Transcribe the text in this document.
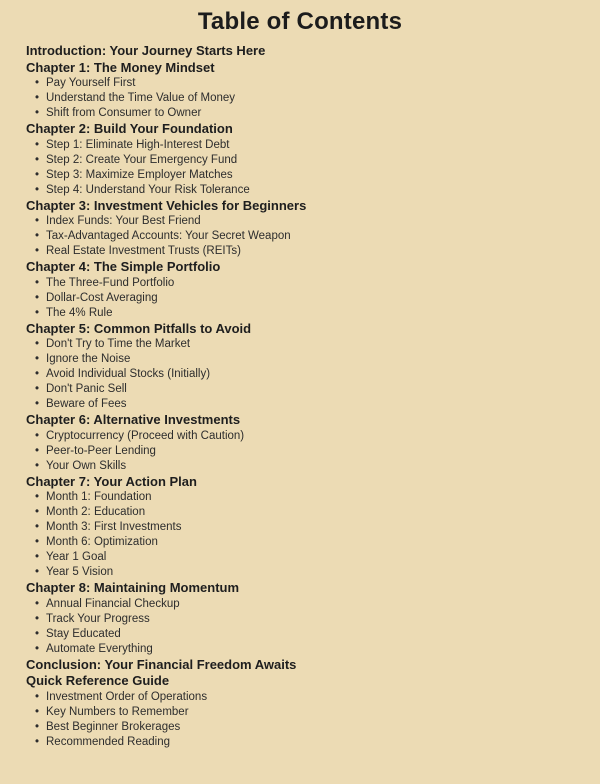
Table of Contents
Introduction: Your Journey Starts Here
Chapter 1: The Money Mindset
• Pay Yourself First
• Understand the Time Value of Money
• Shift from Consumer to Owner
Chapter 2: Build Your Foundation
• Step 1: Eliminate High-Interest Debt
• Step 2: Create Your Emergency Fund
• Step 3: Maximize Employer Matches
• Step 4: Understand Your Risk Tolerance
Chapter 3: Investment Vehicles for Beginners
• Index Funds: Your Best Friend
• Tax-Advantaged Accounts: Your Secret Weapon
• Real Estate Investment Trusts (REITs)
Chapter 4: The Simple Portfolio
• The Three-Fund Portfolio
• Dollar-Cost Averaging
• The 4% Rule
Chapter 5: Common Pitfalls to Avoid
• Don't Try to Time the Market
• Ignore the Noise
• Avoid Individual Stocks (Initially)
• Don't Panic Sell
• Beware of Fees
Chapter 6: Alternative Investments
• Cryptocurrency (Proceed with Caution)
• Peer-to-Peer Lending
• Your Own Skills
Chapter 7: Your Action Plan
• Month 1: Foundation
• Month 2: Education
• Month 3: First Investments
• Month 6: Optimization
• Year 1 Goal
• Year 5 Vision
Chapter 8: Maintaining Momentum
• Annual Financial Checkup
• Track Your Progress
• Stay Educated
• Automate Everything
Conclusion: Your Financial Freedom Awaits
Quick Reference Guide
• Investment Order of Operations
• Key Numbers to Remember
• Best Beginner Brokerages
• Recommended Reading
